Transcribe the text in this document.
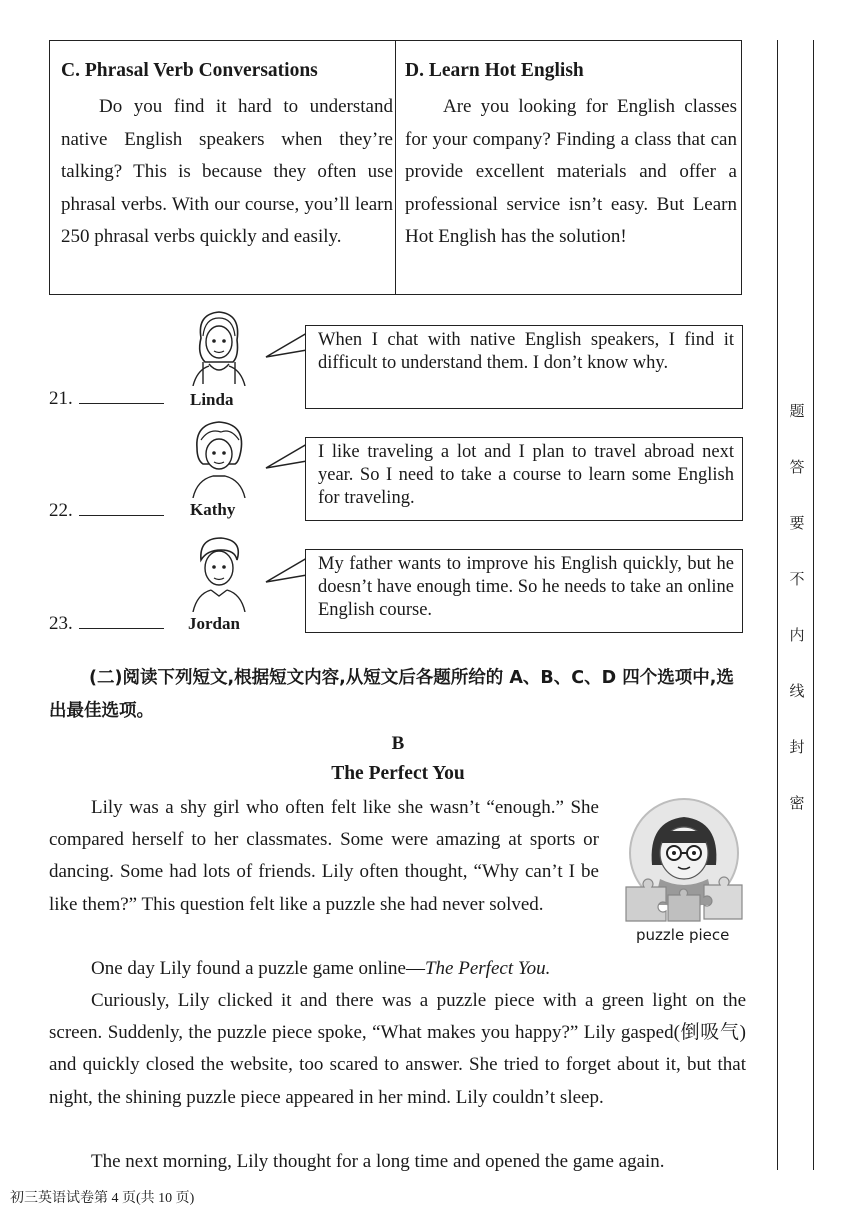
C. Phrasal Verb Conversations

Do you find it hard to understand native English speakers when they’re talking? This is because they often use phrasal verbs. With our course, you’ll learn 250 phrasal verbs quickly and easily.

D. Learn Hot English

Are you looking for English classes for your company? Finding a class that can provide excellent materials and offer a professional service isn’t easy. But Learn Hot English has the solution!

21.	Linda
When I chat with native English speakers, I find it difficult to understand them. I don’t know why.
22.	Kathy
I like traveling a lot and I plan to travel abroad next year. So I need to take a course to learn some English for traveling.
23.	Jordan
My father wants to improve his English quickly, but he doesn’t have enough time. So he needs to take an online English course.
(二)阅读下列短文,根据短文内容,从短文后各题所给的 A、B、C、D 四个选项中,选出最佳选项。
B
The Perfect You
Lily was a shy girl who often felt like she wasn’t “enough.” She compared herself to her classmates. Some were amazing at sports or dancing. Some had lots of friends. Lily often thought, “Why can’t I be like them?” This question felt like a puzzle she had never solved.
puzzle piece
One day Lily found a puzzle game online—The Perfect You.
Curiously, Lily clicked it and there was a puzzle piece with a green light on the screen. Suddenly, the puzzle piece spoke, “What makes you happy?” Lily gasped(倒吸气) and quickly closed the website, too scared to answer. She tried to forget about it, but that night, the shining puzzle piece appeared in her mind. Lily couldn’t sleep.
The next morning, Lily thought for a long time and opened the game again.
题
答
要
不
内
线
封
密
初三英语试卷第 4 页(共 10 页)
